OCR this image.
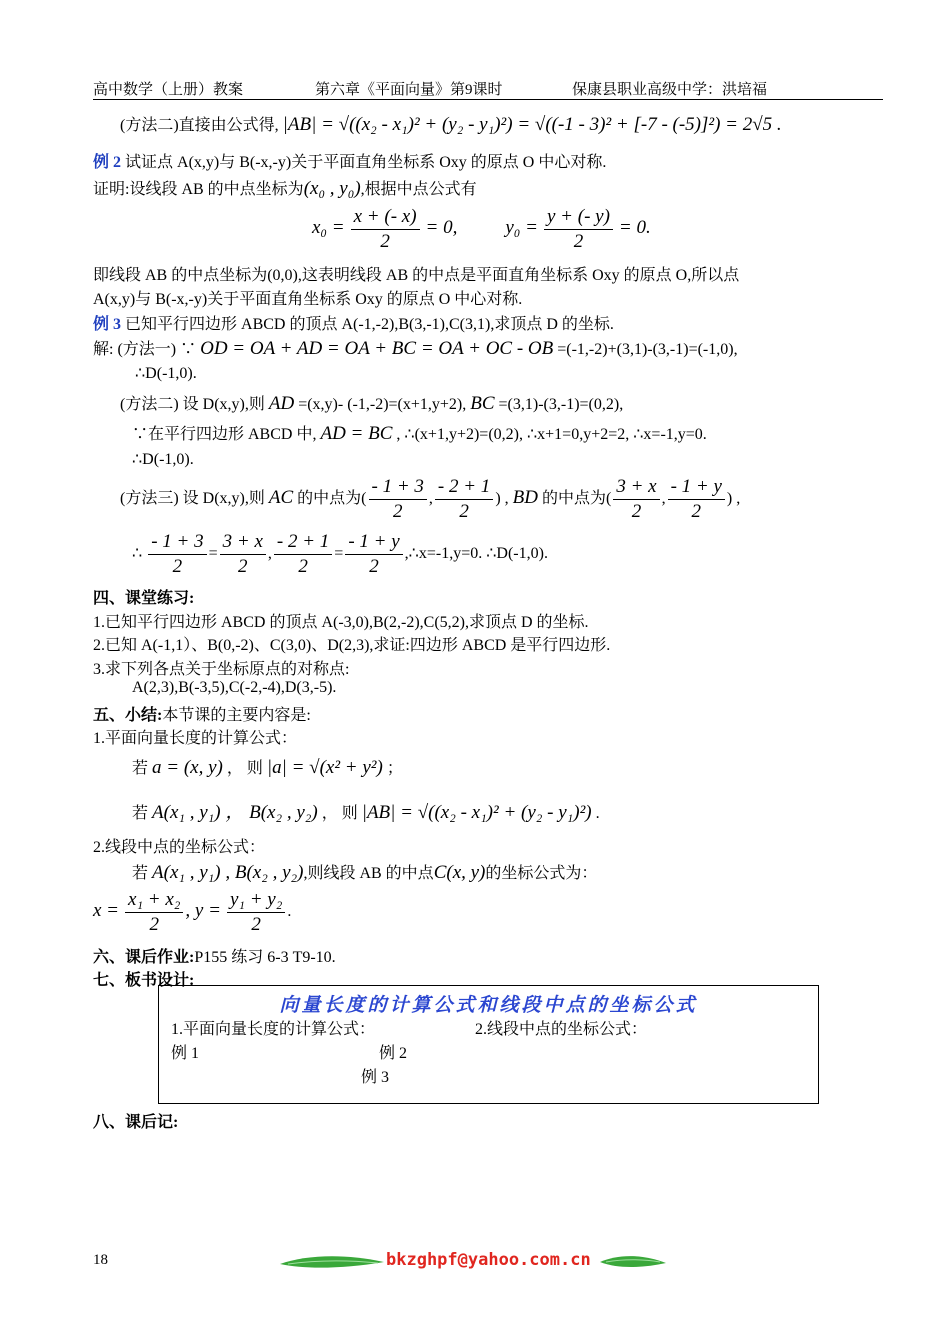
高中数学（上册）教案	第六章《平面向量》第9课时	保康县职业高级中学：洪培福
(方法二)直接由公式得, |AB| = √((x₂ - x₁)² + (y₂ - y₁)²) = √((-1 - 3)² + [-7 - (-5)]²) = 2√5 .
例 2 试证点 A(x,y)与 B(-x,-y)关于平面直角坐标系 Oxy 的原点 O 中心对称.
证明:设线段 AB 的中点坐标为(x₀ , y₀),根据中点公式有
$x_0 = \frac{x + (- x)}{2} = 0$,	$y_0 = \frac{y + (- y)}{2} = 0$.
即线段 AB 的中点坐标为(0,0),这表明线段 AB 的中点是平面直角坐标系 Oxy 的原点 O,所以点
A(x,y)与 B(-x,-y)关于平面直角坐标系 Oxy 的原点 O 中心对称.
例 3 已知平行四边形 ABCD 的顶点 A(-1,-2),B(3,-1),C(3,1),求顶点 D 的坐标.
解: (方法一) ∵ OD = OA + AD = OA + BC = OA + OC - OB =(-1,-2)+(3,1)-(3,-1)=(-1,0),
∴D(-1,0).
(方法二) 设 D(x,y),则 AD =(x,y)- (-1,-2)=(x+1,y+2), BC =(3,1)-(3,-1)=(0,2),
∵在平行四边形 ABCD 中, AD = BC , ∴(x+1,y+2)=(0,2), ∴x+1=0,y+2=2, ∴x=-1,y=0.
∴D(-1,0).
(方法三) 设 D(x,y),则 AC 的中点为( $\frac{- 1 + 3}{2}$ , $\frac{- 2 + 1}{2}$ ) , BD 的中点为( $\frac{3 + x}{2}$ , $\frac{- 1 + y}{2}$ ) ,
∴ $\frac{- 1 + 3}{2} = \frac{3 + x}{2}$ , $\frac{- 2 + 1}{2} = \frac{- 1 + y}{2}$ ,∴x=-1,y=0. ∴D(-1,0).
四、课堂练习:
1.已知平行四边形 ABCD 的顶点 A(-3,0),B(2,-2),C(5,2),求顶点 D 的坐标.
2.已知 A(-1,1）、B(0,-2)、C(3,0)、D(2,3),求证:四边形 ABCD 是平行四边形.
3.求下列各点关于坐标原点的对称点:
A(2,3),B(-3,5),C(-2,-4),D(3,-5).
五、小结:本节课的主要内容是:
1.平面向量长度的计算公式：
若 a = (x, y) ， 则 |a| = √(x² + y²) ；
若 A(x₁ , y₁) ， B(x₂ , y₂) ， 则 |AB| = √((x₂ - x₁)² + (y₂ - y₁)²) .
2.线段中点的坐标公式：
若 A(x₁ , y₁) , B(x₂ , y₂),则线段 AB 的中点C(x, y)的坐标公式为：
$x = \frac{\text{x₁ + x₂}}{2}$ , $y = \frac{\text{y₁ + y₂}}{2}$ .
六、课后作业:P155 练习 6-3 T9-10.
七、板书设计:
向量长度的计算公式和线段中点的坐标公式
1.平面向量长度的计算公式：	2.线段中点的坐标公式：
例 1	例 2
例 3
八、课后记:
18	bkzghpf@yahoo.com.cn
